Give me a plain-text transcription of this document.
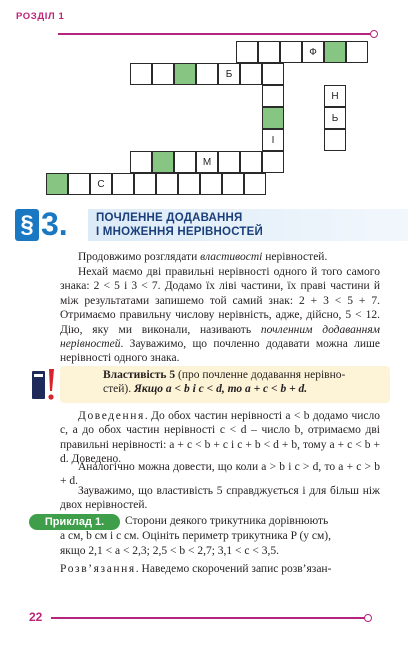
РОЗДІЛ 1
Ф
Б
Н
Ь
І
М
С
§ 3. ПОЧЛЕННЕ ДОДАВАННЯ
І МНОЖЕННЯ НЕРІВНОСТЕЙ
Продовжимо розглядати властивості нерівностей.
Нехай маємо дві правильні нерівності одного й того самого знака: 2 < 5 і 3 < 7. Додамо їх ліві частини, їх праві частини й між результатами запишемо той самий знак: 2 + 3 < 5 + 7. Отримаємо правильну числову нерівність, адже, дійсно, 5 < 12. Дію, яку ми виконали, називають почленним додаванням нерівностей. Зауважимо, що почленно додавати можна лише нерівності одного знака.
Властивість 5 (про почленне додавання нерівно-
стей). Якщо a < b і c < d, то a + c < b + d.
Доведення. До обох частин нерівності a < b додамо число c, а до обох частин нерівності c < d – число b, отримаємо дві правильні нерівності: a + c < b + c і c + b < d + b, тому a + c < b + d. Доведено.
Аналогічно можна довести, що коли a > b і c > d, то a + c > b + d.
Зауважимо, що властивість 5 справджується і для більш ніж двох нерівностей.
Приклад 1.	Сторони деякого трикутника дорівнюють
a см, b см і c см. Оцініть периметр трикутника P (у см),
якщо 2,1 < a < 2,3; 2,5 < b < 2,7; 3,1 < c < 3,5.
Розв’язання. Наведемо скорочений запис розв’язан-
22
